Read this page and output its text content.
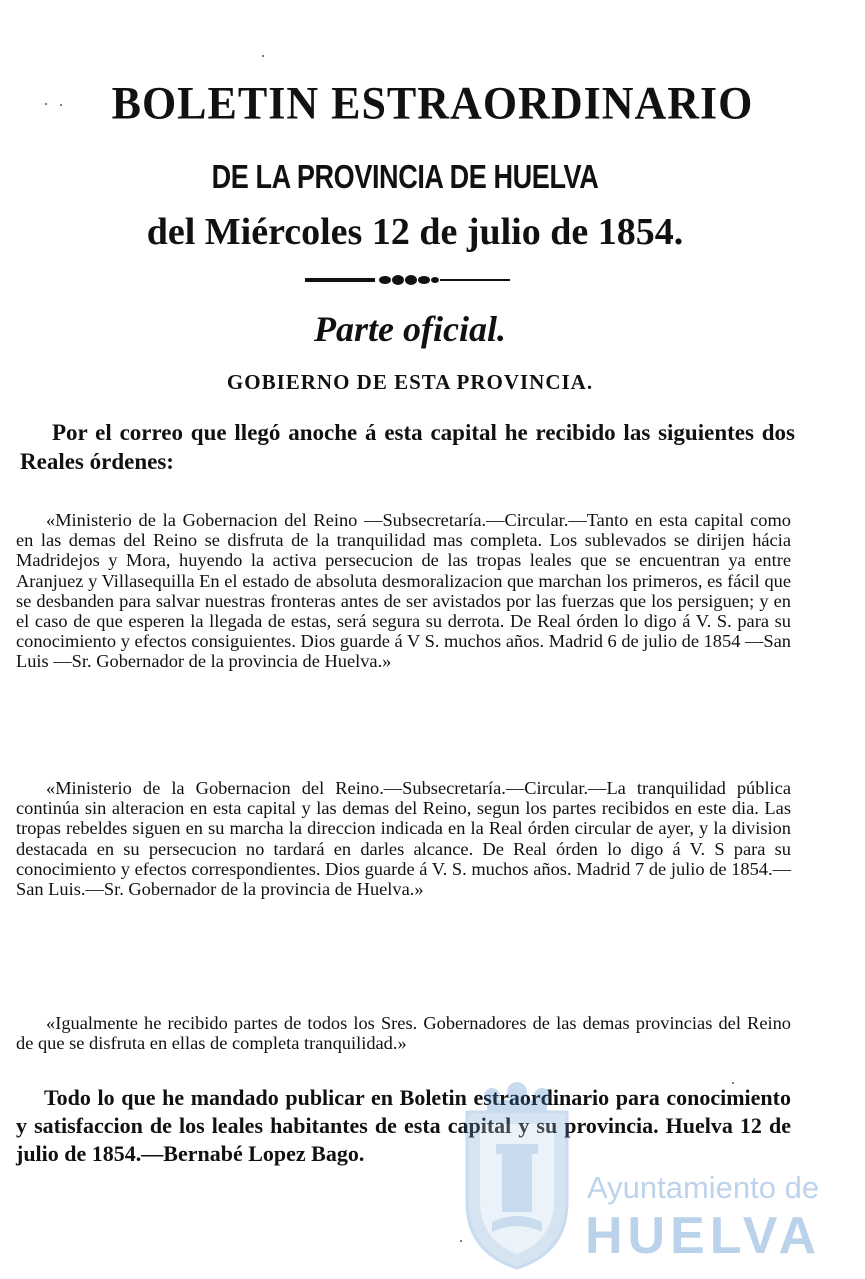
BOLETIN ESTRAORDINARIO
DE LA PROVINCIA DE HUELVA
del Miércoles 12 de julio de 1854.
Parte oficial.
GOBIERNO DE ESTA PROVINCIA.
Por el correo que llegó anoche á esta capital he recibido las siguientes dos Reales órdenes:
«Ministerio de la Gobernacion del Reino —Subsecretaría.—Circular.—Tanto en esta capital como en las demas del Reino se disfruta de la tranquilidad mas completa. Los sublevados se dirijen hácia Madridejos y Mora, huyendo la activa persecucion de las tropas leales que se encuentran ya entre Aranjuez y Villasequilla En el estado de absoluta desmoralizacion que marchan los primeros, es fácil que se desbanden para salvar nuestras fronteras antes de ser avistados por las fuerzas que los persiguen; y en el caso de que esperen la llegada de estas, será segura su derrota. De Real órden lo digo á V. S. para su conocimiento y efectos consiguientes. Dios guarde á V S. muchos años. Madrid 6 de julio de 1854 —San Luis —Sr. Gobernador de la provincia de Huelva.»
«Ministerio de la Gobernacion del Reino.—Subsecretaría.—Circular.—La tranquilidad pública continúa sin alteracion en esta capital y las demas del Reino, segun los partes recibidos en este dia. Las tropas rebeldes siguen en su marcha la direccion indicada en la Real órden circular de ayer, y la division destacada en su persecucion no tardará en darles alcance. De Real órden lo digo á V. S para su conocimiento y efectos correspondientes. Dios guarde á V. S. muchos años. Madrid 7 de julio de 1854.—San Luis.—Sr. Gobernador de la provincia de Huelva.»
«Igualmente he recibido partes de todos los Sres. Gobernadores de las demas provincias del Reino de que se disfruta en ellas de completa tranquilidad.»
Todo lo que he mandado publicar en Boletin estraordinario para conocimiento y satisfaccion de los leales habitantes de esta capital y su provincia. Huelva 12 de julio de 1854.—Bernabé Lopez Bago.
Ayuntamiento de
HUELVA
